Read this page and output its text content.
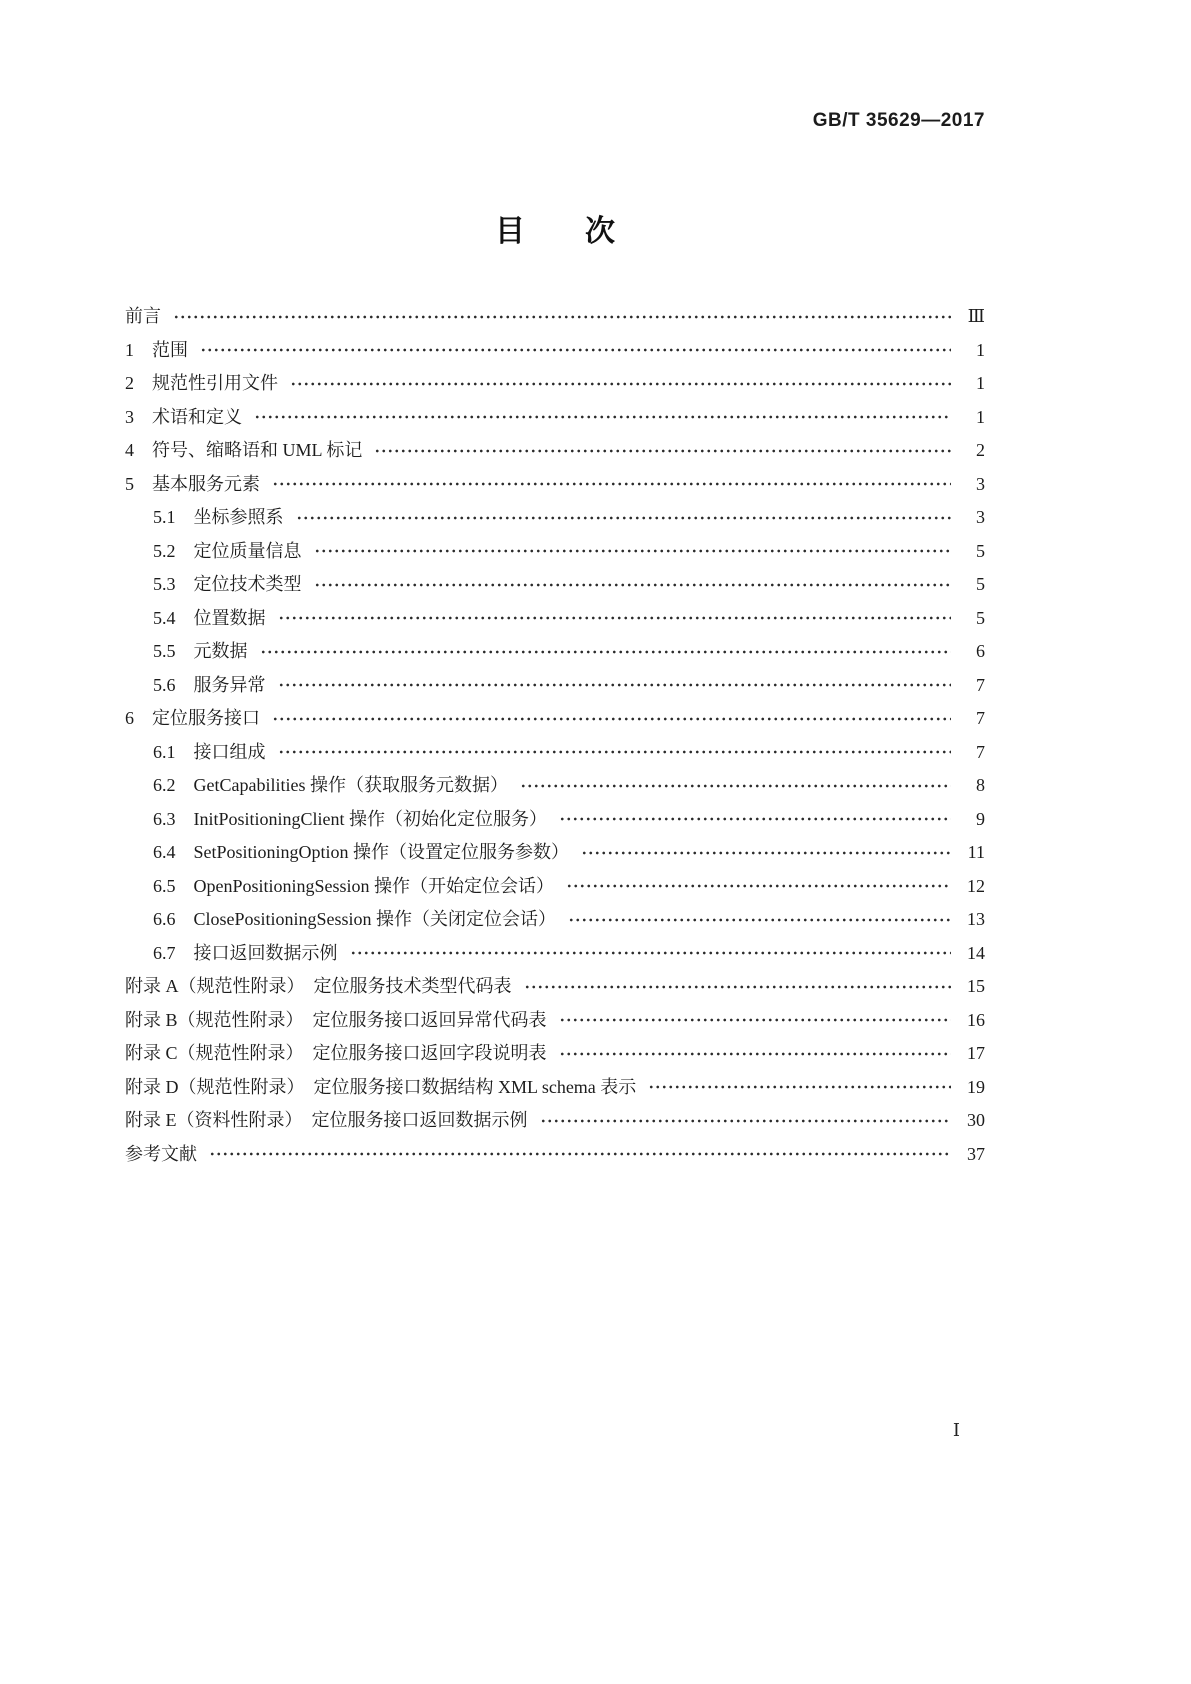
GB/T 35629—2017
目　　次
前言	Ⅲ
1　范围	1
2　规范性引用文件	1
3　术语和定义	1
4　符号、缩略语和 UML 标记	2
5　基本服务元素	3
5.1　坐标参照系	3
5.2　定位质量信息	5
5.3　定位技术类型	5
5.4　位置数据	5
5.5　元数据	6
5.6　服务异常	7
6　定位服务接口	7
6.1　接口组成	7
6.2　GetCapabilities 操作（获取服务元数据）	8
6.3　InitPositioningClient 操作（初始化定位服务）	9
6.4　SetPositioningOption 操作（设置定位服务参数）	11
6.5　OpenPositioningSession 操作（开始定位会话）	12
6.6　ClosePositioningSession 操作（关闭定位会话）	13
6.7　接口返回数据示例	14
附录 A（规范性附录）　定位服务技术类型代码表	15
附录 B（规范性附录）　定位服务接口返回异常代码表	16
附录 C（规范性附录）　定位服务接口返回字段说明表	17
附录 D（规范性附录）　定位服务接口数据结构 XML schema 表示	19
附录 E（资料性附录）　定位服务接口返回数据示例	30
参考文献	37
Ⅰ
